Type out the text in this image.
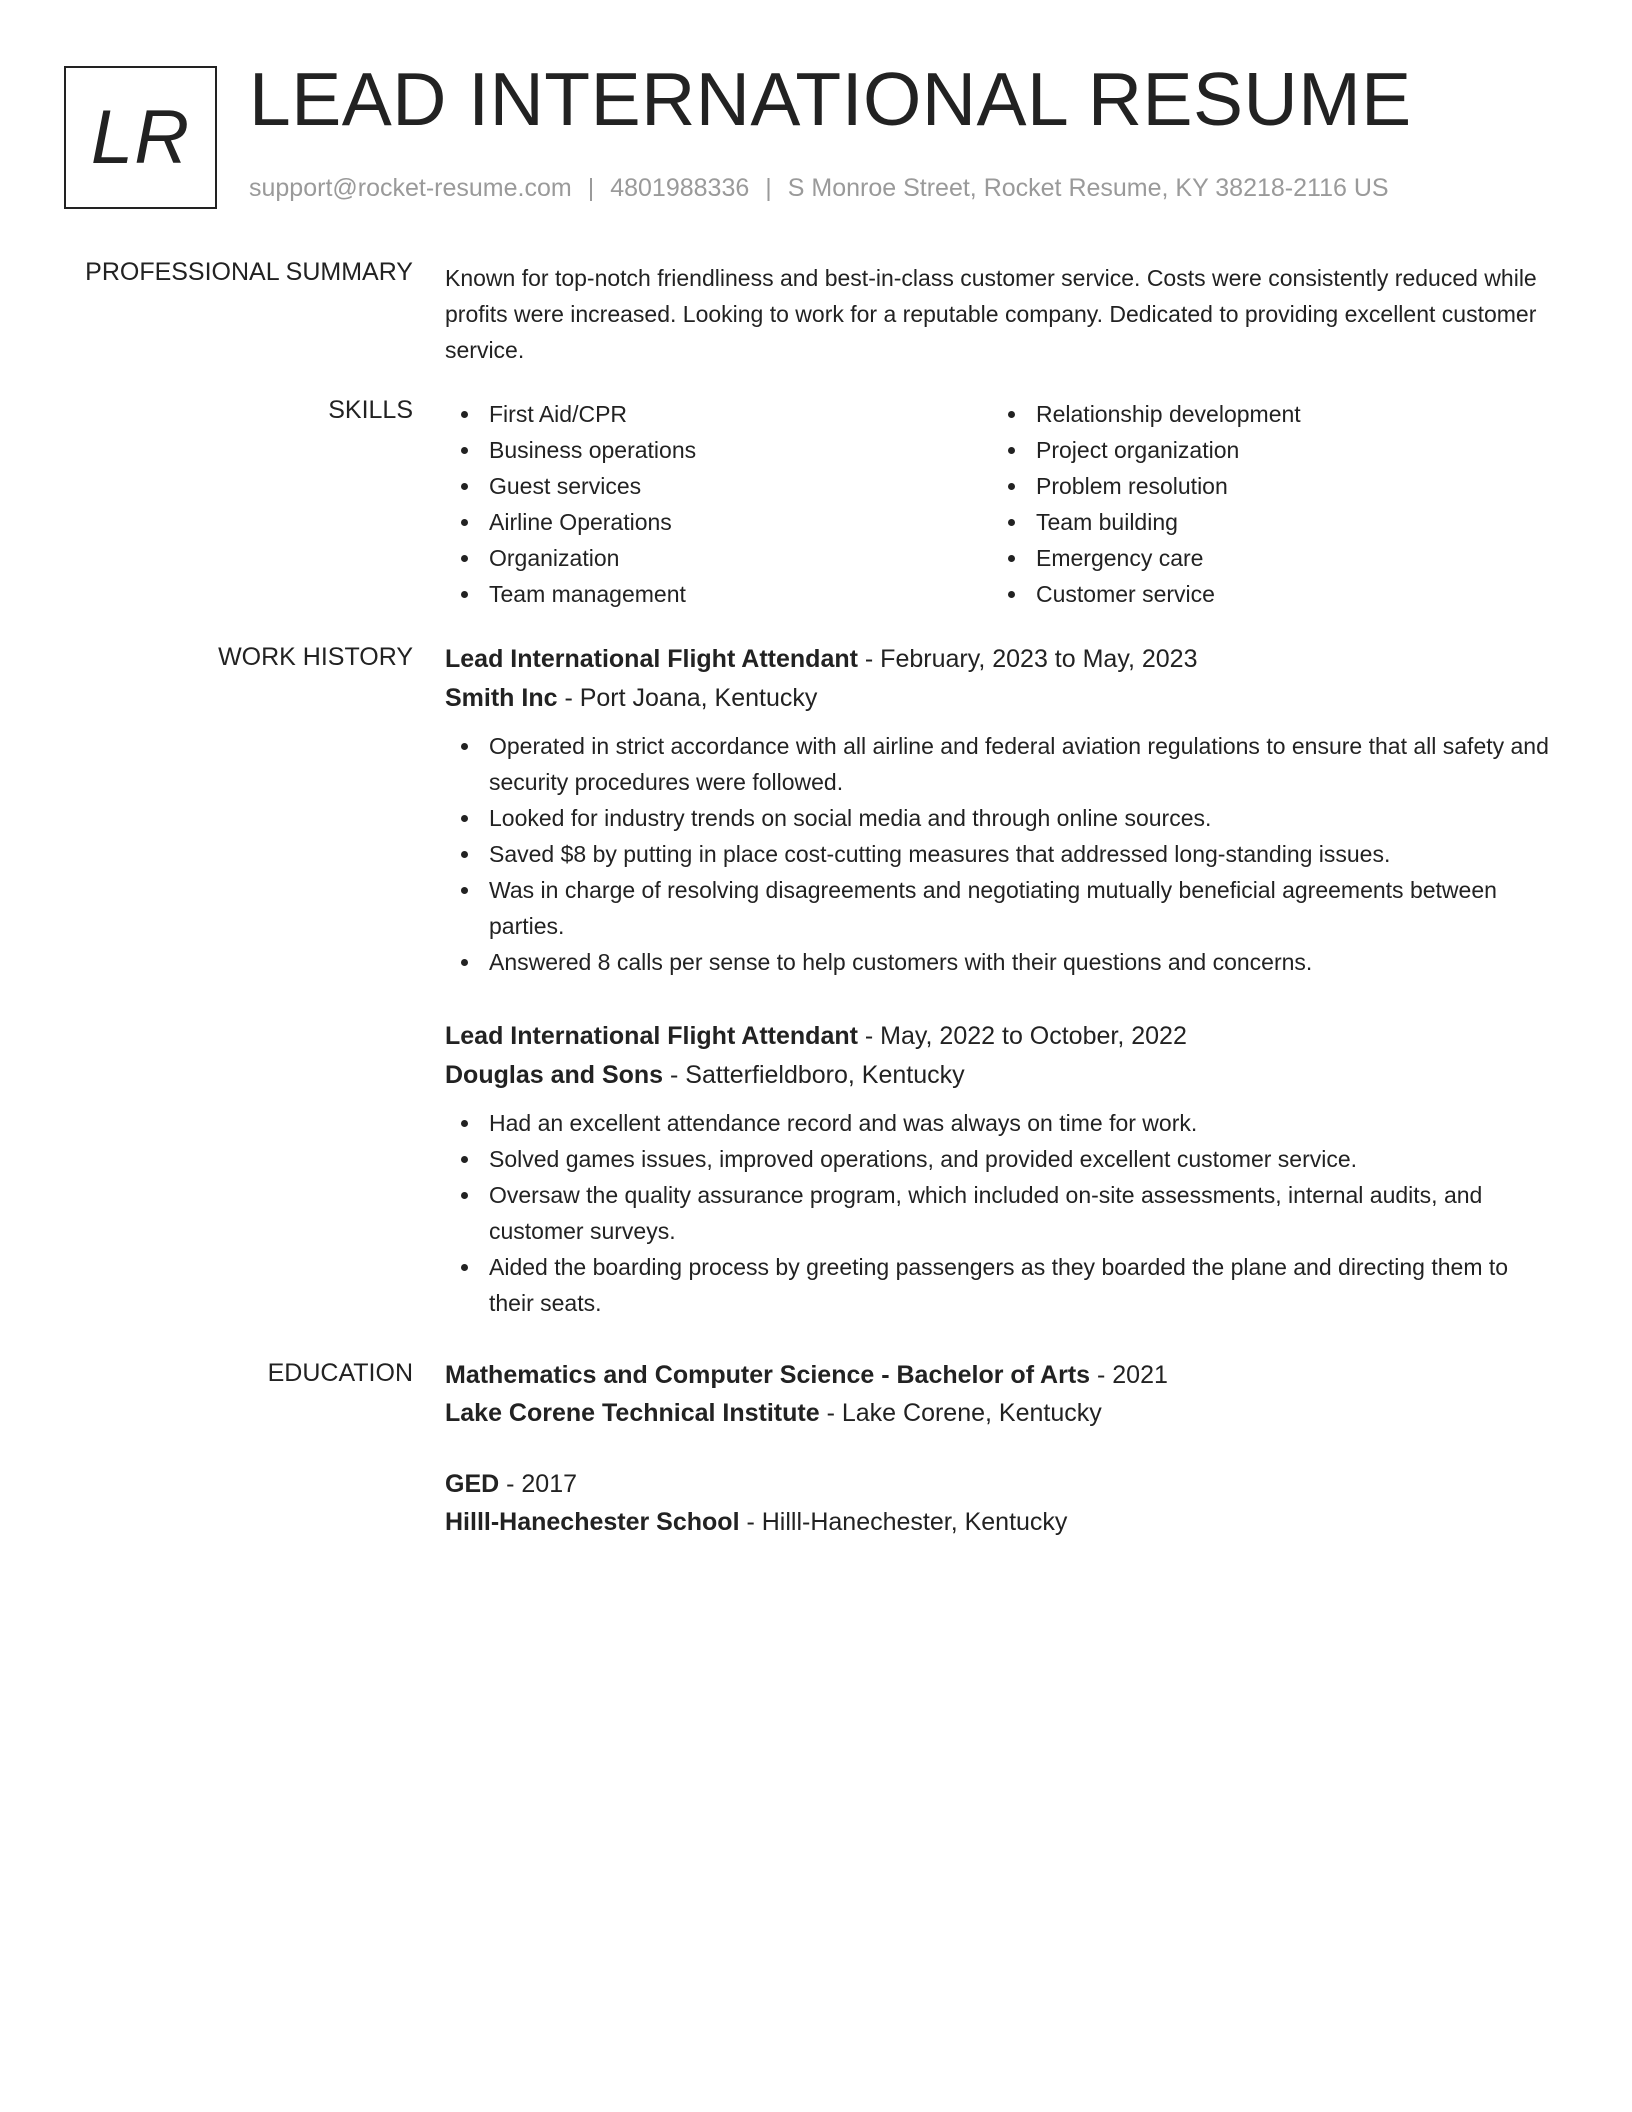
LR LEAD INTERNATIONAL RESUME
support@rocket-resume.com | 4801988336 | S Monroe Street, Rocket Resume, KY 38218-2116 US
PROFESSIONAL SUMMARY Known for top-notch friendliness and best-in-class customer service. Costs were consistently reduced while profits were increased. Looking to work for a reputable company. Dedicated to providing excellent customer service.

SKILLS	First Aid/CPR
Business operations
Guest services
Airline Operations
Organization
Team management
Relationship development
Project organization
Problem resolution
Team building
Emergency care
Customer service
WORK HISTORY Lead International Flight Attendant - February, 2023 to May, 2023
Smith Inc - Port Joana, Kentucky
Operated in strict accordance with all airline and federal aviation regulations to ensure that all safety and security procedures were followed.
Looked for industry trends on social media and through online sources.
Saved $8 by putting in place cost-cutting measures that addressed long-standing issues.
Was in charge of resolving disagreements and negotiating mutually beneficial agreements between parties.
Answered 8 calls per sense to help customers with their questions and concerns.
Lead International Flight Attendant - May, 2022 to October, 2022
Douglas and Sons - Satterfieldboro, Kentucky
Had an excellent attendance record and was always on time for work.
Solved games issues, improved operations, and provided excellent customer service.
Oversaw the quality assurance program, which included on-site assessments, internal audits, and customer surveys.
Aided the boarding process by greeting passengers as they boarded the plane and directing them to their seats.
EDUCATION Mathematics and Computer Science - Bachelor of Arts - 2021
Lake Corene Technical Institute - Lake Corene, Kentucky
GED - 2017
Hilll-Hanechester School - Hilll-Hanechester, Kentucky
